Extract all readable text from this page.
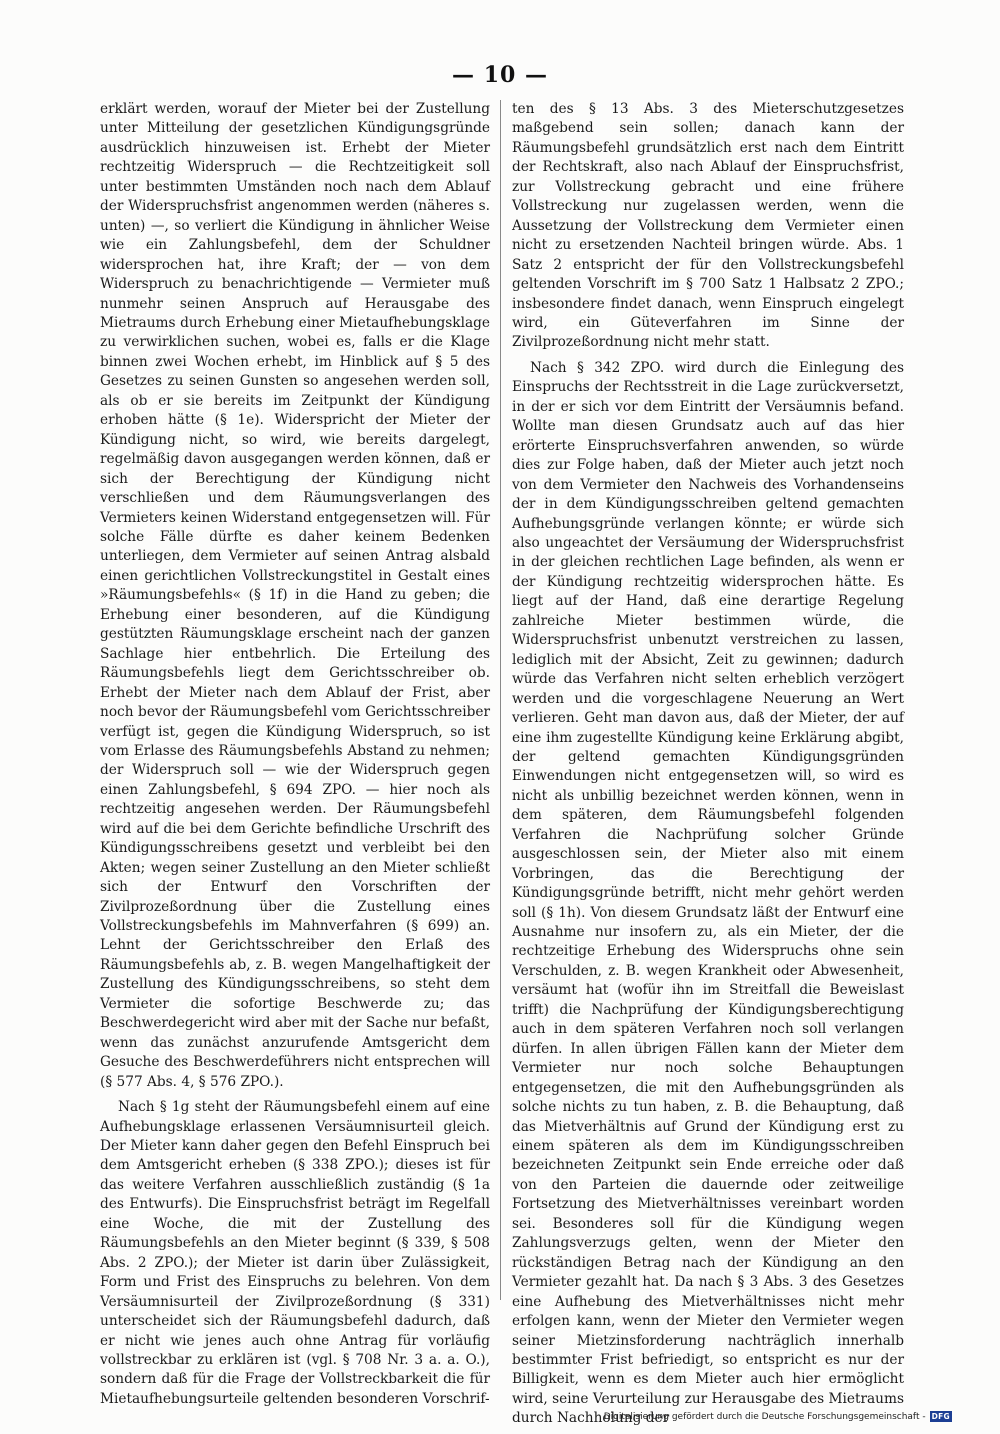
— 10 —

erklärt werden, worauf der Mieter bei der Zustellung unter Mitteilung der gesetzlichen Kündigungsgründe ausdrücklich hinzuweisen ist. Erhebt der Mieter rechtzeitig Widerspruch — die Rechtzeitigkeit soll unter bestimmten Umständen noch nach dem Ablauf der Widerspruchsfrist angenommen werden (näheres s. unten) —, so verliert die Kündigung in ähnlicher Weise wie ein Zahlungsbefehl, dem der Schuldner widersprochen hat, ihre Kraft; der — von dem Widerspruch zu benachrichtigende — Vermieter muß nunmehr seinen Anspruch auf Herausgabe des Mietraums durch Erhebung einer Mietaufhebungsklage zu verwirklichen suchen, wobei es, falls er die Klage binnen zwei Wochen erhebt, im Hinblick auf § 5 des Gesetzes zu seinen Gunsten so angesehen werden soll, als ob er sie bereits im Zeitpunkt der Kündigung erhoben hätte (§ 1e). Widerspricht der Mieter der Kündigung nicht, so wird, wie bereits dargelegt, regelmäßig davon ausgegangen werden können, daß er sich der Berechtigung der Kündigung nicht verschließen und dem Räumungsverlangen des Vermieters keinen Widerstand entgegensetzen will. Für solche Fälle dürfte es daher keinem Bedenken unterliegen, dem Vermieter auf seinen Antrag alsbald einen gerichtlichen Vollstreckungstitel in Gestalt eines »Räumungsbefehls« (§ 1f) in die Hand zu geben; die Erhebung einer besonderen, auf die Kündigung gestützten Räumungsklage erscheint nach der ganzen Sachlage hier entbehrlich. Die Erteilung des Räumungsbefehls liegt dem Gerichtsschreiber ob. Erhebt der Mieter nach dem Ablauf der Frist, aber noch bevor der Räumungsbefehl vom Gerichtsschreiber verfügt ist, gegen die Kündigung Widerspruch, so ist vom Erlasse des Räumungsbefehls Abstand zu nehmen; der Widerspruch soll — wie der Widerspruch gegen einen Zahlungsbefehl, § 694 ZPO. — hier noch als rechtzeitig angesehen werden. Der Räumungsbefehl wird auf die bei dem Gerichte befindliche Urschrift des Kündigungsschreibens gesetzt und verbleibt bei den Akten; wegen seiner Zustellung an den Mieter schließt sich der Entwurf den Vorschriften der Zivilprozeßordnung über die Zustellung eines Vollstreckungsbefehls im Mahnverfahren (§ 699) an. Lehnt der Gerichtsschreiber den Erlaß des Räumungsbefehls ab, z. B. wegen Mangelhaftigkeit der Zustellung des Kündigungsschreibens, so steht dem Vermieter die sofortige Beschwerde zu; das Beschwerdegericht wird aber mit der Sache nur befaßt, wenn das zunächst anzurufende Amtsgericht dem Gesuche des Beschwerdeführers nicht entsprechen will (§ 577 Abs. 4, § 576 ZPO.).

Nach § 1g steht der Räumungsbefehl einem auf eine Aufhebungsklage erlassenen Versäumnisurteil gleich. Der Mieter kann daher gegen den Befehl Einspruch bei dem Amtsgericht erheben (§ 338 ZPO.); dieses ist für das weitere Verfahren ausschließlich zuständig (§ 1a des Entwurfs). Die Einspruchsfrist beträgt im Regelfall eine Woche, die mit der Zustellung des Räumungsbefehls an den Mieter beginnt (§ 339, § 508 Abs. 2 ZPO.); der Mieter ist darin über Zulässigkeit, Form und Frist des Einspruchs zu belehren. Von dem Versäumnisurteil der Zivilprozeßordnung (§ 331) unterscheidet sich der Räumungsbefehl dadurch, daß er nicht wie jenes auch ohne Antrag für vorläufig vollstreckbar zu erklären ist (vgl. § 708 Nr. 3 a. a. O.), sondern daß für die Frage der Vollstreckbarkeit die für Mietaufhebungsurteile geltenden besonderen Vorschrif-

ten des § 13 Abs. 3 des Mieterschutzgesetzes maßgebend sein sollen; danach kann der Räumungsbefehl grundsätzlich erst nach dem Eintritt der Rechtskraft, also nach Ablauf der Einspruchsfrist, zur Vollstreckung gebracht und eine frühere Vollstreckung nur zugelassen werden, wenn die Aussetzung der Vollstreckung dem Vermieter einen nicht zu ersetzenden Nachteil bringen würde. Abs. 1 Satz 2 entspricht der für den Vollstreckungsbefehl geltenden Vorschrift im § 700 Satz 1 Halbsatz 2 ZPO.; insbesondere findet danach, wenn Einspruch eingelegt wird, ein Güteverfahren im Sinne der Zivilprozeßordnung nicht mehr statt.

Nach § 342 ZPO. wird durch die Einlegung des Einspruchs der Rechtsstreit in die Lage zurückversetzt, in der er sich vor dem Eintritt der Versäumnis befand. Wollte man diesen Grundsatz auch auf das hier erörterte Einspruchsverfahren anwenden, so würde dies zur Folge haben, daß der Mieter auch jetzt noch von dem Vermieter den Nachweis des Vorhandenseins der in dem Kündigungsschreiben geltend gemachten Aufhebungsgründe verlangen könnte; er würde sich also ungeachtet der Versäumung der Widerspruchsfrist in der gleichen rechtlichen Lage befinden, als wenn er der Kündigung rechtzeitig widersprochen hätte. Es liegt auf der Hand, daß eine derartige Regelung zahlreiche Mieter bestimmen würde, die Widerspruchsfrist unbenutzt verstreichen zu lassen, lediglich mit der Absicht, Zeit zu gewinnen; dadurch würde das Verfahren nicht selten erheblich verzögert werden und die vorgeschlagene Neuerung an Wert verlieren. Geht man davon aus, daß der Mieter, der auf eine ihm zugestellte Kündigung keine Erklärung abgibt, der geltend gemachten Kündigungsgründen Einwendungen nicht entgegensetzen will, so wird es nicht als unbillig bezeichnet werden können, wenn in dem späteren, dem Räumungsbefehl folgenden Verfahren die Nachprüfung solcher Gründe ausgeschlossen sein, der Mieter also mit einem Vorbringen, das die Berechtigung der Kündigungsgründe betrifft, nicht mehr gehört werden soll (§ 1h). Von diesem Grundsatz läßt der Entwurf eine Ausnahme nur insofern zu, als ein Mieter, der die rechtzeitige Erhebung des Widerspruchs ohne sein Verschulden, z. B. wegen Krankheit oder Abwesenheit, versäumt hat (wofür ihn im Streitfall die Beweislast trifft) die Nachprüfung der Kündigungsberechtigung auch in dem späteren Verfahren noch soll verlangen dürfen. In allen übrigen Fällen kann der Mieter dem Vermieter nur noch solche Behauptungen entgegensetzen, die mit den Aufhebungsgründen als solche nichts zu tun haben, z. B. die Behauptung, daß das Mietverhältnis auf Grund der Kündigung erst zu einem späteren als dem im Kündigungsschreiben bezeichneten Zeitpunkt sein Ende erreiche oder daß von den Parteien die dauernde oder zeitweilige Fortsetzung des Mietverhältnisses vereinbart worden sei. Besonderes soll für die Kündigung wegen Zahlungsverzugs gelten, wenn der Mieter den rückständigen Betrag nach der Kündigung an den Vermieter gezahlt hat. Da nach § 3 Abs. 3 des Gesetzes eine Aufhebung des Mietverhältnisses nicht mehr erfolgen kann, wenn der Mieter den Vermieter wegen seiner Mietzinsforderung nachträglich innerhalb bestimmter Frist befriedigt, so entspricht es nur der Billigkeit, wenn es dem Mieter auch hier ermöglicht wird, seine Verurteilung zur Herausgabe des Mietraums durch Nachholung der

Digitalisierung gefördert durch die Deutsche Forschungsgemeinschaft - DFG
